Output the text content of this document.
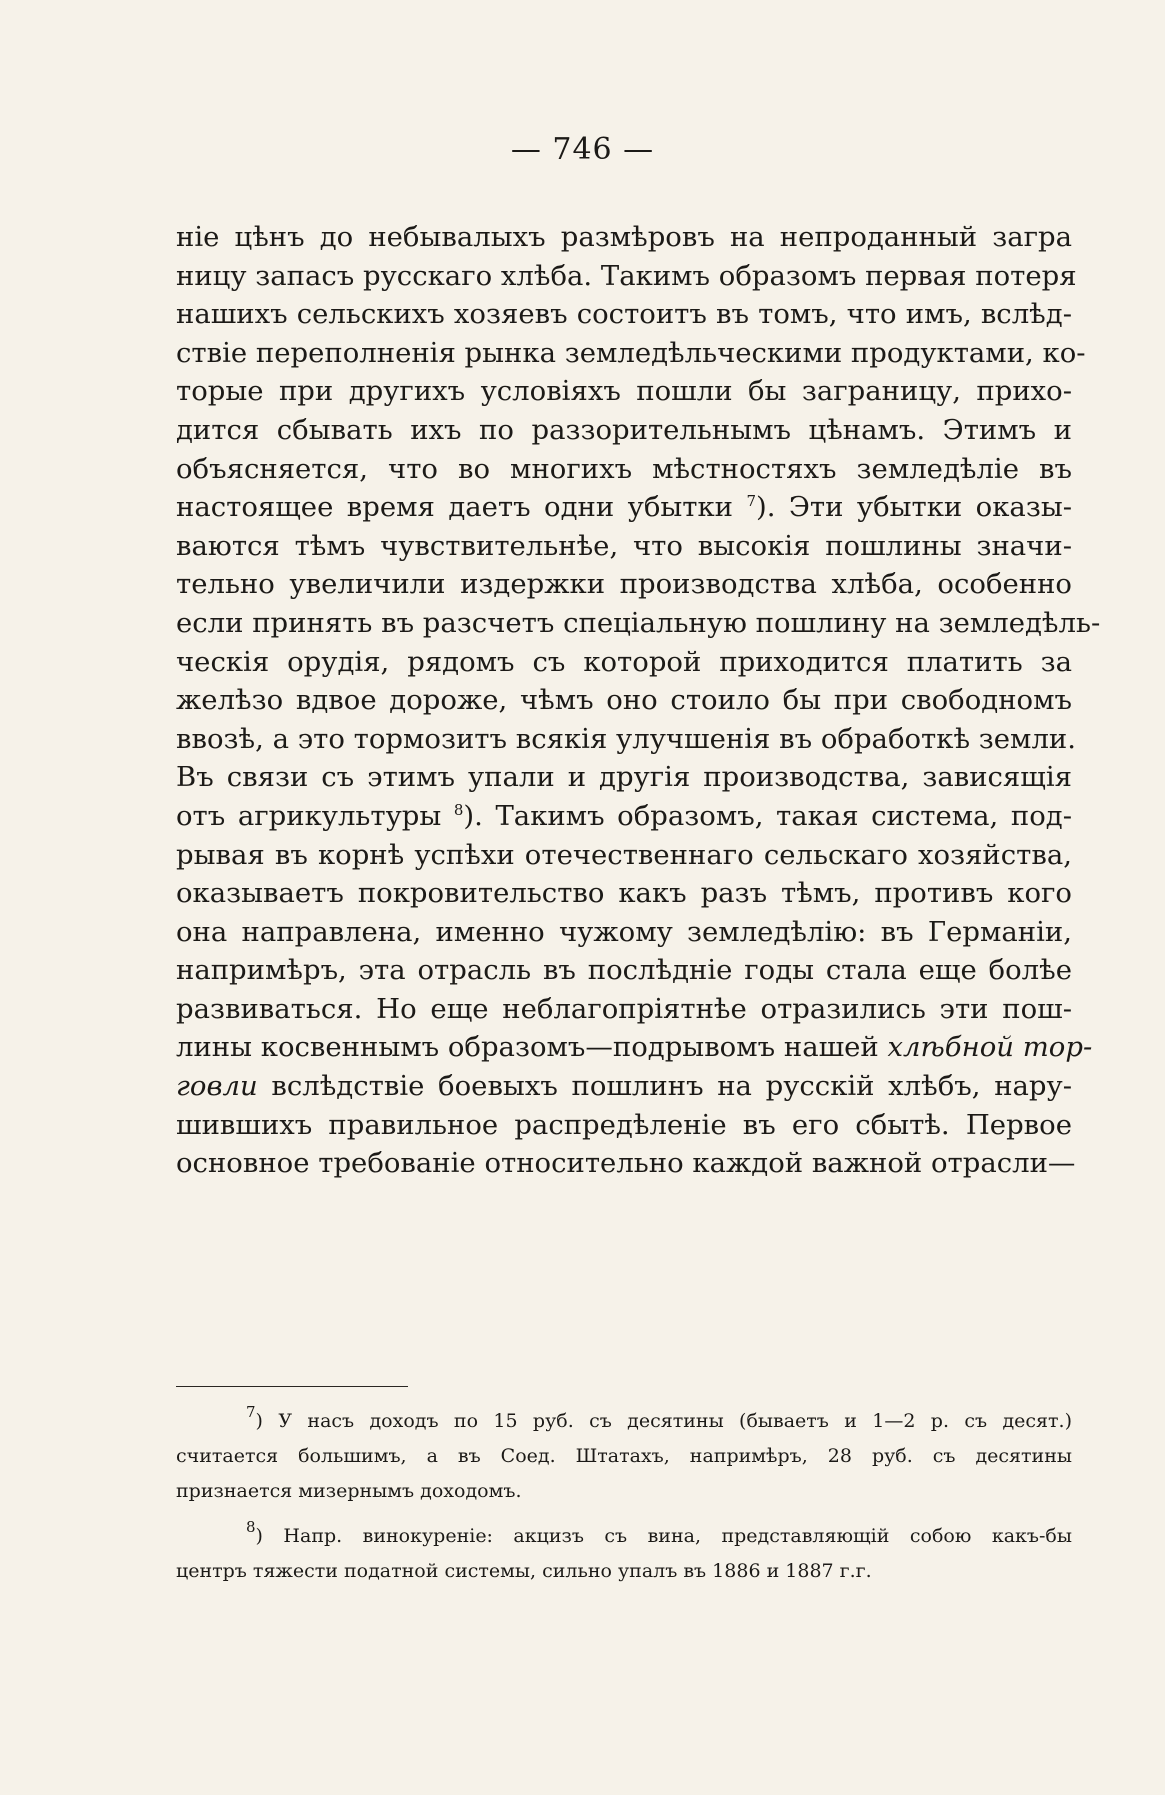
— 746 —
ніе цѣнъ до небывалыхъ размѣровъ на непроданный загра
ницу запасъ русскаго хлѣба. Такимъ образомъ первая потеря
нашихъ сельскихъ хозяевъ состоитъ въ томъ, что имъ, вслѣд-
ствіе переполненія рынка земледѣльческими продуктами, ко-
торые при другихъ условіяхъ пошли бы заграницу, прихо-
дится сбывать ихъ по раззорительнымъ цѣнамъ. Этимъ и
объясняется, что во многихъ мѣстностяхъ земледѣліе въ
настоящее время даетъ одни убытки $^7$). Эти убытки оказы-
ваются тѣмъ чувствительнѣе, что высокія пошлины значи-
тельно увеличили издержки производства хлѣба, особенно
если принять въ разсчетъ спеціальную пошлину на земледѣль-
ческія орудія, рядомъ съ которой приходится платить за
желѣзо вдвое дороже, чѣмъ оно стоило бы при свободномъ
ввозѣ, а это тормозитъ всякія улучшенія въ обработкѣ земли.
Въ связи съ этимъ упали и другія производства, зависящія
отъ агрикультуры $^8$). Такимъ образомъ, такая система, под-
рывая въ корнѣ успѣхи отечественнаго сельскаго хозяйства,
оказываетъ покровительство какъ разъ тѣмъ, противъ кого
она направлена, именно чужому земледѣлію: въ Германіи,
напримѣръ, эта отрасль въ послѣдніе годы стала еще болѣе
развиваться. Но еще неблагопріятнѣе отразились эти пош-
лины косвеннымъ образомъ—подрывомъ нашей хлѣбной тор-
говли вслѣдствіе боевыхъ пошлинъ на русскій хлѣбъ, нару-
шившихъ правильное распредѣленіе въ его сбытѣ. Первое
основное требованіе относительно каждой важной отрасли—
$^7$) У насъ доходъ по 15 руб. съ десятины (бываетъ и 1—2 р. съ десят.)
считается большимъ, а въ Соед. Штатахъ, напримѣръ, 28 руб. съ десятины
признается мизернымъ доходомъ.
$^8$) Напр. винокуреніе: акцизъ съ вина, представляющій собою какъ-бы
центръ тяжести податной системы, сильно упалъ въ 1886 и 1887 г.г.
